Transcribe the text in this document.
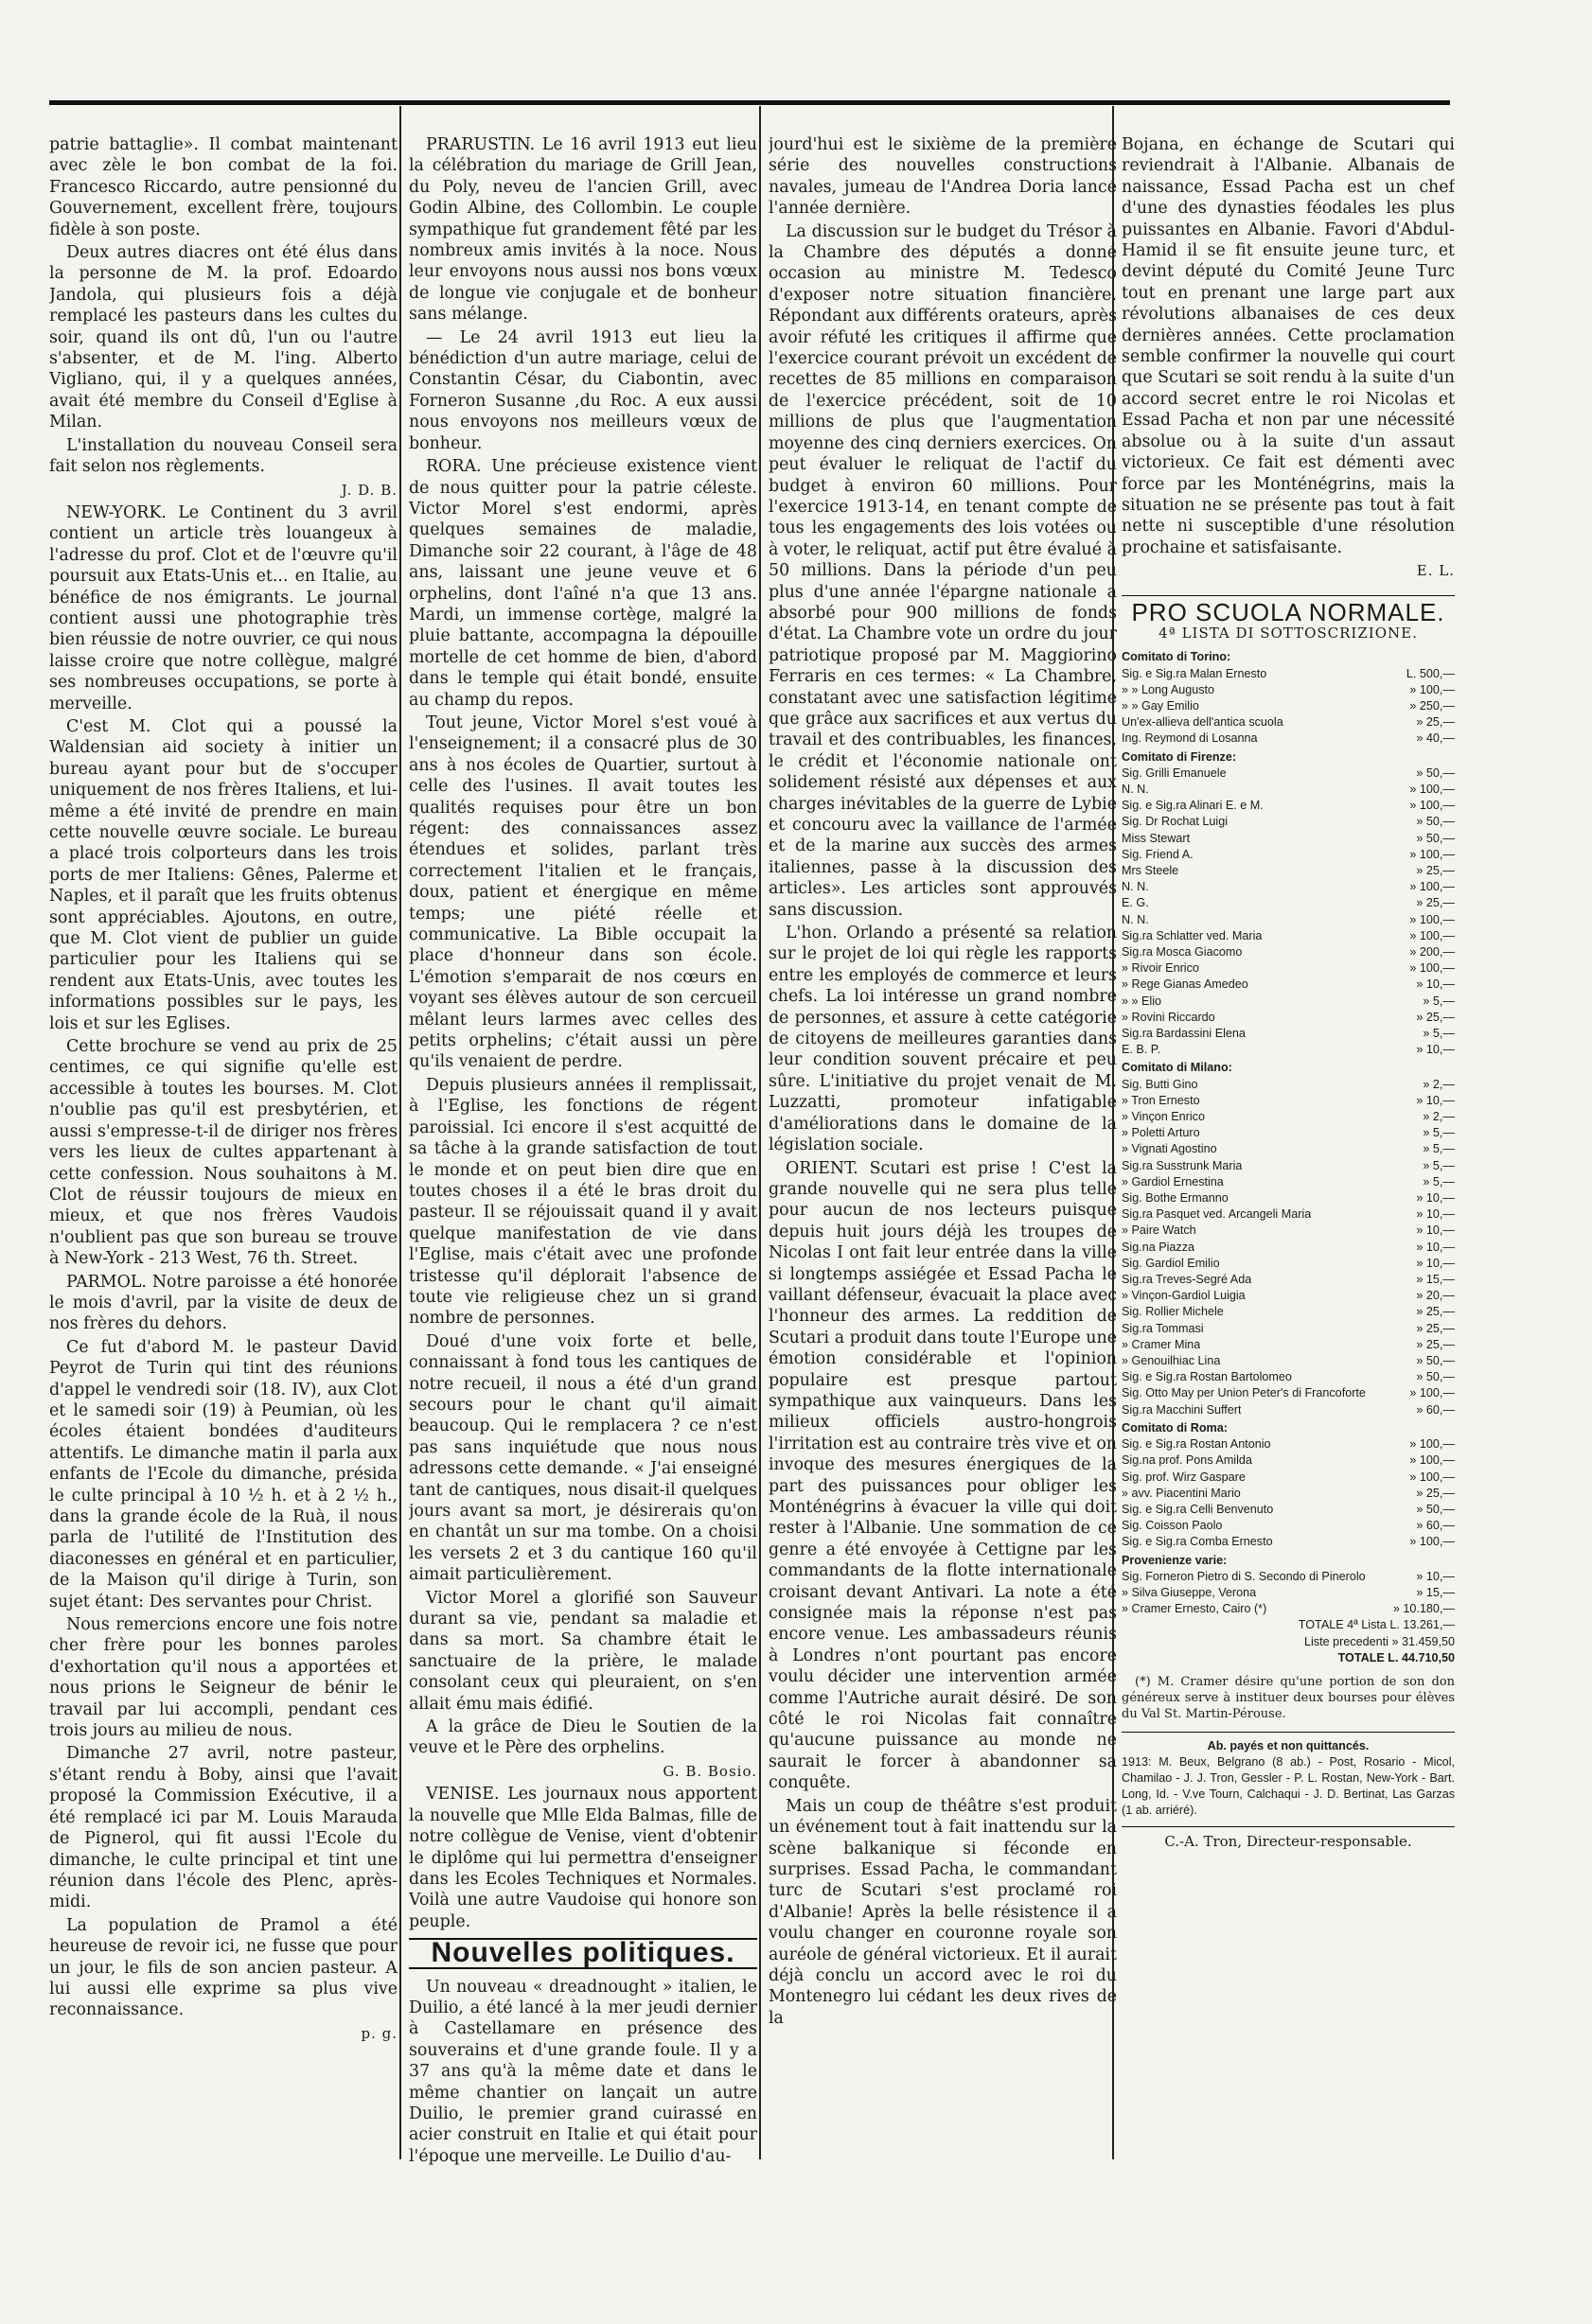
patrie battaglie». Il combat maintenant avec zèle le bon combat de la foi. Francesco Riccardo, autre pensionné du Gouvernement, excellent frère, toujours fidèle à son poste.

Deux autres diacres ont été élus dans la personne de M. la prof. Edoardo Jandola, qui plusieurs fois a déjà remplacé les pasteurs dans les cultes du soir, quand ils ont dû, l'un ou l'autre s'absenter, et de M. l'ing. Alberto Vigliano, qui, il y a quelques années, avait été membre du Conseil d'Eglise à Milan.

L'installation du nouveau Conseil sera fait selon nos règlements.

J. D. B.

NEW-YORK. Le Continent du 3 avril contient un article très louangeux à l'adresse du prof. Clot et de l'œuvre qu'il poursuit aux Etats-Unis et... en Italie, au bénéfice de nos émigrants. Le journal contient aussi une photographie très bien réussie de notre ouvrier, ce qui nous laisse croire que notre collègue, malgré ses nombreuses occupations, se porte à merveille.

C'est M. Clot qui a poussé la Waldensian aid society à initier un bureau ayant pour but de s'occuper uniquement de nos frères Italiens, et lui-même a été invité de prendre en main cette nouvelle œuvre sociale. Le bureau a placé trois colporteurs dans les trois ports de mer Italiens: Gênes, Palerme et Naples, et il paraît que les fruits obtenus sont appréciables. Ajoutons, en outre, que M. Clot vient de publier un guide particulier pour les Italiens qui se rendent aux Etats-Unis, avec toutes les informations possibles sur le pays, les lois et sur les Eglises.

Cette brochure se vend au prix de 25 centimes, ce qui signifie qu'elle est accessible à toutes les bourses. M. Clot n'oublie pas qu'il est presbytérien, et aussi s'empresse-t-il de diriger nos frères vers les lieux de cultes appartenant à cette confession. Nous souhaitons à M. Clot de réussir toujours de mieux en mieux, et que nos frères Vaudois n'oublient pas que son bureau se trouve à New-York - 213 West, 76 th. Street.

PARMOL. Notre paroisse a été honorée le mois d'avril, par la visite de deux de nos frères du dehors.

Ce fut d'abord M. le pasteur David Peyrot de Turin qui tint des réunions d'appel le vendredi soir (18. IV), aux Clot et le samedi soir (19) à Peumian, où les écoles étaient bondées d'auditeurs attentifs. Le dimanche matin il parla aux enfants de l'Ecole du dimanche, présida le culte principal à 10 ½ h. et à 2 ½ h., dans la grande école de la Ruà, il nous parla de l'utilité de l'Institution des diaconesses en général et en particulier, de la Maison qu'il dirige à Turin, son sujet étant: Des servantes pour Christ.

Nous remercions encore une fois notre cher frère pour les bonnes paroles d'exhortation qu'il nous a apportées et nous prions le Seigneur de bénir le travail par lui accompli, pendant ces trois jours au milieu de nous.

Dimanche 27 avril, notre pasteur, s'étant rendu à Boby, ainsi que l'avait proposé la Commission Exécutive, il a été remplacé ici par M. Louis Marauda de Pignerol, qui fit aussi l'Ecole du dimanche, le culte principal et tint une réunion dans l'école des Plenc, après-midi.

La population de Pramol a été heureuse de revoir ici, ne fusse que pour un jour, le fils de son ancien pasteur. A lui aussi elle exprime sa plus vive reconnaissance.

p. g.

PRARUSTIN. Le 16 avril 1913 eut lieu la célébration du mariage de Grill Jean, du Poly, neveu de l'ancien Grill, avec Godin Albine, des Collombin. Le couple sympathique fut grandement fêté par les nombreux amis invités à la noce. Nous leur envoyons nous aussi nos bons vœux de longue vie conjugale et de bonheur sans mélange.

— Le 24 avril 1913 eut lieu la bénédiction d'un autre mariage, celui de Constantin César, du Ciabontin, avec Forneron Susanne ,du Roc. A eux aussi nous envoyons nos meilleurs vœux de bonheur.

RORA. Une précieuse existence vient de nous quitter pour la patrie céleste. Victor Morel s'est endormi, après quelques semaines de maladie, Dimanche soir 22 courant, à l'âge de 48 ans, laissant une jeune veuve et 6 orphelins, dont l'aîné n'a que 13 ans. Mardi, un immense cortège, malgré la pluie battante, accompagna la dépouille mortelle de cet homme de bien, d'abord dans le temple qui était bondé, ensuite au champ du repos.

Tout jeune, Victor Morel s'est voué à l'enseignement; il a consacré plus de 30 ans à nos écoles de Quartier, surtout à celle des l'usines. Il avait toutes les qualités requises pour être un bon régent: des connaissances assez étendues et solides, parlant très correctement l'italien et le français, doux, patient et énergique en même temps; une piété réelle et communicative. La Bible occupait la place d'honneur dans son école. L'émotion s'emparait de nos cœurs en voyant ses élèves autour de son cercueil mêlant leurs larmes avec celles des petits orphelins; c'était aussi un père qu'ils venaient de perdre.

Depuis plusieurs années il remplissait, à l'Eglise, les fonctions de régent paroissial. Ici encore il s'est acquitté de sa tâche à la grande satisfaction de tout le monde et on peut bien dire que en toutes choses il a été le bras droit du pasteur. Il se réjouissait quand il y avait quelque manifestation de vie dans l'Eglise, mais c'était avec une profonde tristesse qu'il déplorait l'absence de toute vie religieuse chez un si grand nombre de personnes.

Doué d'une voix forte et belle, connaissant à fond tous les cantiques de notre recueil, il nous a été d'un grand secours pour le chant qu'il aimait beaucoup. Qui le remplacera ? ce n'est pas sans inquiétude que nous nous adressons cette demande. « J'ai enseigné tant de cantiques, nous disait-il quelques jours avant sa mort, je désirerais qu'on en chantât un sur ma tombe. On a choisi les versets 2 et 3 du cantique 160 qu'il aimait particulièrement.

Victor Morel a glorifié son Sauveur durant sa vie, pendant sa maladie et dans sa mort. Sa chambre était le sanctuaire de la prière, le malade consolant ceux qui pleuraient, on s'en allait ému mais édifié.

A la grâce de Dieu le Soutien de la veuve et le Père des orphelins.

G. B. Bosio.

VENISE. Les journaux nous apportent la nouvelle que Mlle Elda Balmas, fille de notre collègue de Venise, vient d'obtenir le diplôme qui lui permettra d'enseigner dans les Ecoles Techniques et Normales. Voilà une autre Vaudoise qui honore son peuple.

Nouvelles politiques.

Un nouveau « dreadnought » italien, le Duilio, a été lancé à la mer jeudi dernier à Castellamare en présence des souverains et d'une grande foule. Il y a 37 ans qu'à la même date et dans le même chantier on lançait un autre Duilio, le premier grand cuirassé en acier construit en Italie et qui était pour l'époque une merveille. Le Duilio d'au-

jourd'hui est le sixième de la première série des nouvelles constructions navales, jumeau de l'Andrea Doria lancé l'année dernière.

La discussion sur le budget du Trésor à la Chambre des députés a donné occasion au ministre M. Tedesco d'exposer notre situation financière. Répondant aux différents orateurs, après avoir réfuté les critiques il affirme que l'exercice courant prévoit un excédent de recettes de 85 millions en comparaison de l'exercice précédent, soit de 10 millions de plus que l'augmentation moyenne des cinq derniers exercices. On peut évaluer le reliquat de l'actif du budget à environ 60 millions. Pour l'exercice 1913-14, en tenant compte de tous les engagements des lois votées ou à voter, le reliquat, actif put être évalué à 50 millions. Dans la période d'un peu plus d'une année l'épargne nationale a absorbé pour 900 millions de fonds d'état. La Chambre vote un ordre du jour patriotique proposé par M. Maggiorino Ferraris en ces termes: « La Chambre, constatant avec une satisfaction légitime que grâce aux sacrifices et aux vertus du travail et des contribuables, les finances, le crédit et l'économie nationale ont solidement résisté aux dépenses et aux charges inévitables de la guerre de Lybie et concouru avec la vaillance de l'armée et de la marine aux succès des armes italiennes, passe à la discussion des articles». Les articles sont approuvés sans discussion.

L'hon. Orlando a présenté sa relation sur le projet de loi qui règle les rapports entre les employés de commerce et leurs chefs. La loi intéresse un grand nombre de personnes, et assure à cette catégorie de citoyens de meilleures garanties dans leur condition souvent précaire et peu sûre. L'initiative du projet venait de M. Luzzatti, promoteur infatigable d'améliorations dans le domaine de la législation sociale.

ORIENT. Scutari est prise ! C'est la grande nouvelle qui ne sera plus telle pour aucun de nos lecteurs puisque depuis huit jours déjà les troupes de Nicolas I ont fait leur entrée dans la ville si longtemps assiégée et Essad Pacha le vaillant défenseur, évacuait la place avec l'honneur des armes. La reddition de Scutari a produit dans toute l'Europe une émotion considérable et l'opinion populaire est presque partout sympathique aux vainqueurs. Dans les milieux officiels austro-hongrois l'irritation est au contraire très vive et on invoque des mesures énergiques de la part des puissances pour obliger les Monténégrins à évacuer la ville qui doit rester à l'Albanie. Une sommation de ce genre a été envoyée à Cettigne par les commandants de la flotte internationale croisant devant Antivari. La note a été consignée mais la réponse n'est pas encore venue. Les ambassadeurs réunis à Londres n'ont pourtant pas encore voulu décider une intervention armée comme l'Autriche aurait désiré. De son côté le roi Nicolas fait connaître qu'aucune puissance au monde ne saurait le forcer à abandonner sa conquête.

Mais un coup de théâtre s'est produit un événement tout à fait inattendu sur la scène balkanique si féconde en surprises. Essad Pacha, le commandant turc de Scutari s'est proclamé roi d'Albanie! Après la belle résistence il a voulu changer en couronne royale son auréole de général victorieux. Et il aurait déjà conclu un accord avec le roi du Montenegro lui cédant les deux rives de la

Bojana, en échange de Scutari qui reviendrait à l'Albanie. Albanais de naissance, Essad Pacha est un chef d'une des dynasties féodales les plus puissantes en Albanie. Favori d'Abdul-Hamid il se fit ensuite jeune turc, et devint député du Comité Jeune Turc tout en prenant une large part aux révolutions albanaises de ces deux dernières années. Cette proclamation semble confirmer la nouvelle qui court que Scutari se soit rendu à la suite d'un accord secret entre le roi Nicolas et Essad Pacha et non par une nécessité absolue ou à la suite d'un assaut victorieux. Ce fait est démenti avec force par les Monténégrins, mais la situation ne se présente pas tout à fait nette ni susceptible d'une résolution prochaine et satisfaisante.

E. L.

PRO SCUOLA NORMALE.
4ª LISTA DI SOTTOSCRIZIONE.
Comitato di Torino:
Sig. e Sig.ra Malan Ernesto	L. 500,—
» » Long Augusto	» 100,—
» » Gay Emilio	» 250,—
Un'ex-allieva dell'antica scuola	» 25,—
Ing. Reymond di Losanna	» 40,—
Comitato di Firenze:
Sig. Grilli Emanuele	» 50,—
N. N.	» 100,—
Sig. e Sig.ra Alinari E. e M.	» 100,—
Sig. Dr Rochat Luigi	» 50,—
Miss Stewart	» 50,—
Sig. Friend A.	» 100,—
Mrs Steele	» 25,—
N. N.	» 100,—
E. G.	» 25,—
N. N.	» 100,—
Sig.ra Schlatter ved. Maria	» 100,—
Sig.ra Mosca Giacomo	» 200,—
» Rivoir Enrico	» 100,—
» Rege Gianas Amedeo	» 10,—
» » Elio	» 5,—
» Rovini Riccardo	» 25,—
Sig.ra Bardassini Elena	» 5,—
E. B. P.	» 10,—
Comitato di Milano:
Sig. Butti Gino	» 2,—
» Tron Ernesto	» 10,—
» Vinçon Enrico	» 2,—
» Poletti Arturo	» 5,—
» Vignati Agostino	» 5,—
Sig.ra Susstrunk Maria	» 5,—
» Gardiol Ernestina	» 5,—
Sig. Bothe Ermanno	» 10,—
Sig.ra Pasquet ved. Arcangeli Maria	» 10,—
» Paire Watch	» 10,—
Sig.na Piazza	» 10,—
Sig. Gardiol Emilio	» 10,—
Sig.ra Treves-Segré Ada	» 15,—
» Vinçon-Gardiol Luigia	» 20,—
Sig. Rollier Michele	» 25,—
Sig.ra Tommasi	» 25,—
» Cramer Mina	» 25,—
» Genouilhiac Lina	» 50,—
Sig. e Sig.ra Rostan Bartolomeo	» 50,—
Sig. Otto May per Union Peter's di Francoforte	» 100,—
Sig.ra Macchini Suffert	» 60,—
Comitato di Roma:
Sig. e Sig.ra Rostan Antonio	» 100,—
Sig.na prof. Pons Amilda	» 100,—
Sig. prof. Wirz Gaspare	» 100,—
» avv. Piacentini Mario	» 25,—
Sig. e Sig.ra Celli Benvenuto	» 50,—
Sig. Coisson Paolo	» 60,—
Sig. e Sig.ra Comba Ernesto	» 100,—
Provenienze varie:
Sig. Forneron Pietro di S. Secondo di Pinerolo	» 10,—
» Silva Giuseppe, Verona	» 15,—
» Cramer Ernesto, Cairo (*)	» 10.180,—
TOTALE 4ª Lista L. 13.261,—
Liste precedenti » 31.459,50
TOTALE L. 44.710,50
(*) M. Cramer désire qu'une portion de son don généreux serve à instituer deux bourses pour élèves du Val St. Martin-Pérouse.
Ab. payés et non quittancés.
1913: M. Beux, Belgrano (8 ab.) - Post, Rosario - Micol, Chamilao - J. J. Tron, Gessler - P. L. Rostan, New-York - Bart. Long, Id. - V.ve Tourn, Calchaqui - J. D. Bertinat, Las Garzas (1 ab. arriéré).
C.-A. Tron, Directeur-responsable.
